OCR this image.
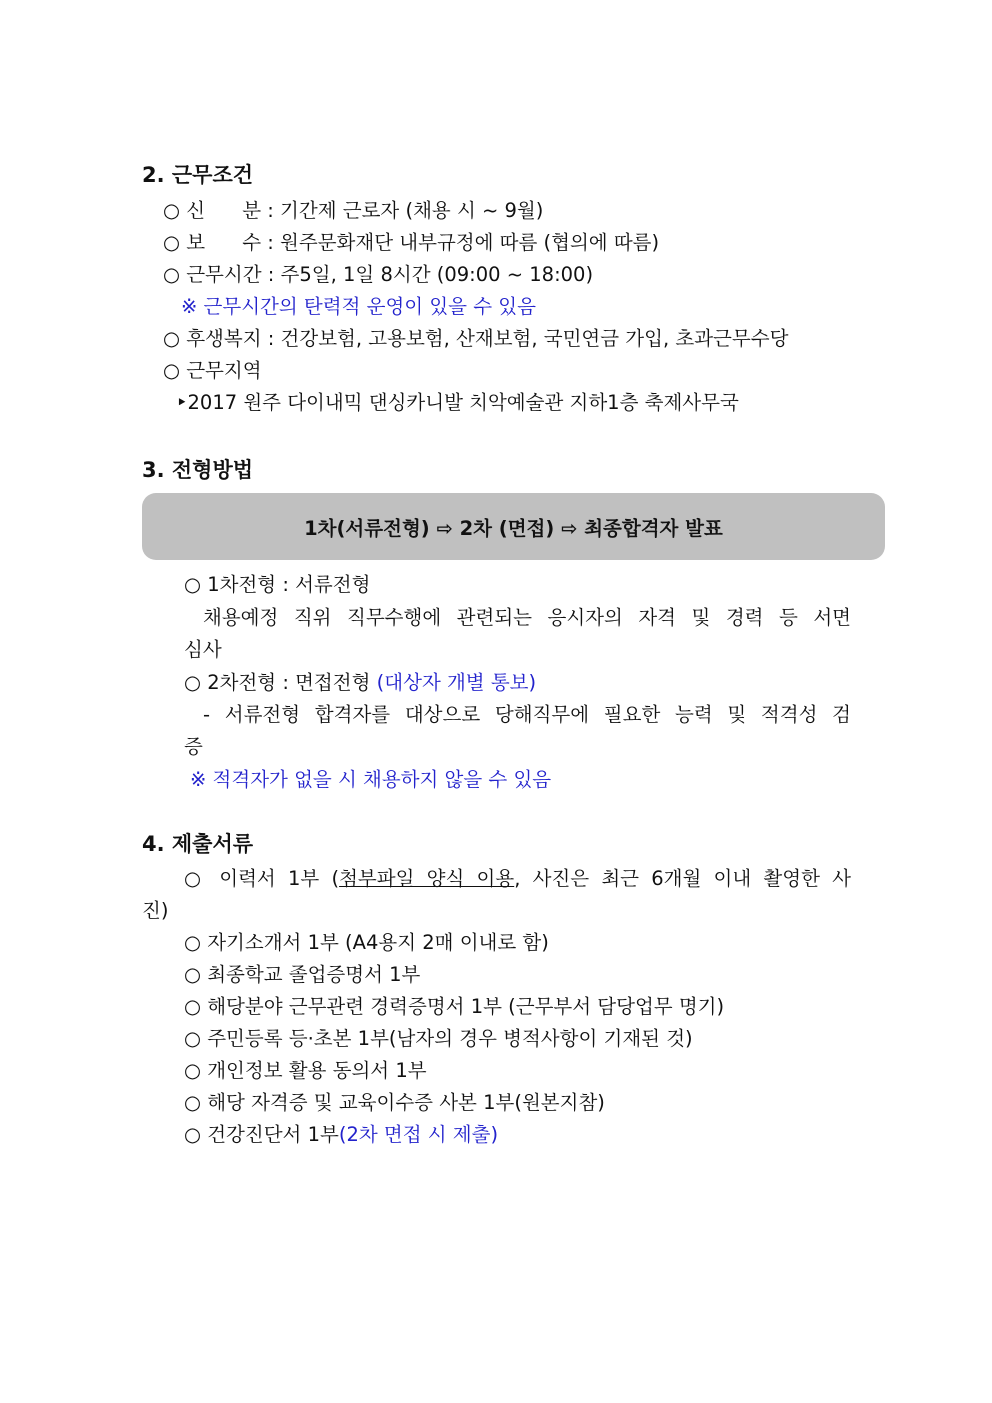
2. 근무조건
○ 신      분 : 기간제 근로자 (채용 시 ~ 9월)
○ 보      수 : 원주문화재단 내부규정에 따름 (협의에 따름)
○ 근무시간 : 주5일, 1일 8시간 (09:00 ~ 18:00)
※ 근무시간의 탄력적 운영이 있을 수 있음
○ 후생복지 : 건강보험, 고용보험, 산재보험, 국민연금 가입, 초과근무수당
○ 근무지역
‣2017 원주 다이내믹 댄싱카니발 치악예술관 지하1층 축제사무국
3. 전형방법
1차(서류전형) ⇨ 2차 (면접) ⇨ 최종합격자 발표
○ 1차전형 : 서류전형
채용예정 직위 직무수행에 관련되는 응시자의 자격 및 경력 등 서면
심사
○ 2차전형 : 면접전형 (대상자 개별 통보)
- 서류전형 합격자를 대상으로 당해직무에 필요한 능력 및 적격성 검
증
※ 적격자가 없을 시 채용하지 않을 수 있음
4. 제출서류
○ 이력서 1부 (첨부파일 양식 이용, 사진은 최근 6개월 이내 촬영한 사
진)
○ 자기소개서 1부 (A4용지 2매 이내로 함)
○ 최종학교 졸업증명서 1부
○ 해당분야 근무관련 경력증명서 1부 (근무부서 담당업무 명기)
○ 주민등록 등·초본 1부(남자의 경우 병적사항이 기재된 것)
○ 개인정보 활용 동의서 1부
○ 해당 자격증 및 교육이수증 사본 1부(원본지참)
○ 건강진단서 1부(2차 면접 시 제출)
